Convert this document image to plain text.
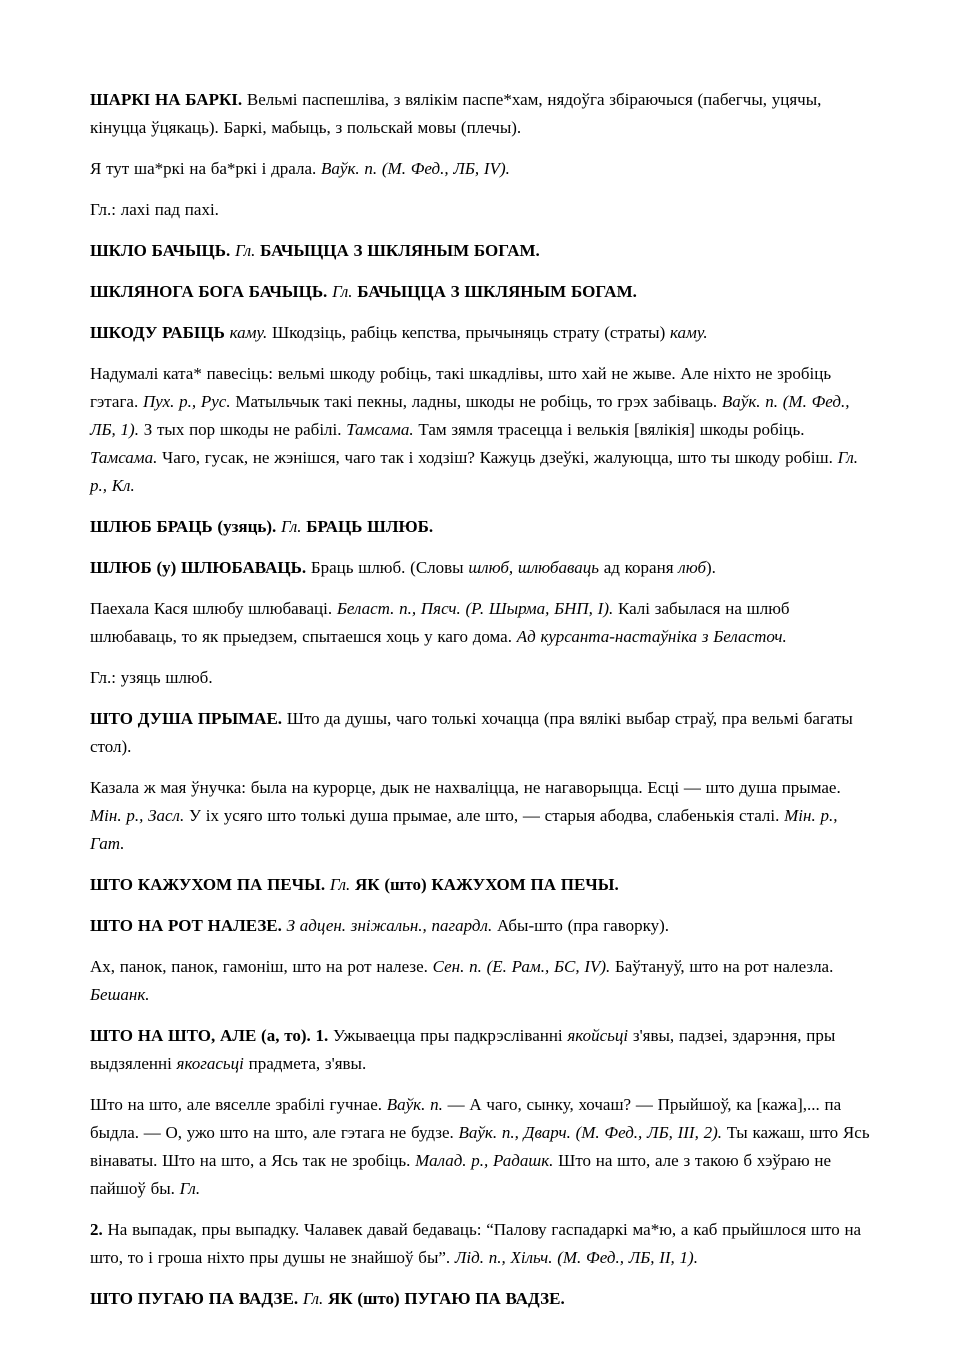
ШАРКІ НА БАРКІ. Вельмі паспешліва, з вялікім паспе*хам, нядоўга збіраючыся (пабегчы, уцячы, кінуцца ўцякаць). Баркі, мабыць, з польскай мовы (плечы).

Я тут ша*ркі на ба*ркі і драла. Ваўк. п. (М. Фед., ЛБ, IV).

Гл.: лахі пад пахі.

ШКЛО БАЧЫЦЬ. Гл. БАЧЫЦЦА З ШКЛЯНЫМ БОГАМ.

ШКЛЯНОГА БОГА БАЧЫЦЬ. Гл. БАЧЫЦЦА З ШКЛЯНЫМ БОГАМ.

ШКОДУ РАБІЦЬ каму. Шкодзіць, рабіць кепства, прычыняць страту (страты) каму.

Надумалі ката* павесіць: вельмі шкоду робіць, такі шкадлівы, што хай не жыве. Але ніхто не зробіць гэтага. Пух. р., Рус. Матыльчык такі пекны, ладны, шкоды не робіць, то грэх забіваць. Ваўк. п. (М. Фед., ЛБ, 1). З тых пор шкоды не рабілі. Тамсама. Там зямля трасецца і велькія [вялікія] шкоды робіць. Тамсама. Чаго, гусак, не жэнішся, чаго так і ходзіш? Кажуць дзеўкі, жалуюцца, што ты шкоду робіш. Гл. р., Кл.

ШЛЮБ БРАЦЬ (узяць). Гл. БРАЦЬ ШЛЮБ.

ШЛЮБ (у) ШЛЮБАВАЦЬ. Браць шлюб. (Словы шлюб, шлюбаваць ад кораня люб).

Паехала Кася шлюбу шлюбаваці. Беласт. п., Пясч. (Р. Шырма, БНП, I). Калі забылася на шлюб шлюбаваць, то як прыедзем, спытаешся хоць у каго дома. Ад курсанта-настаўніка з Беласточ.

Гл.: узяць шлюб.

ШТО ДУША ПРЫМАЕ. Што да душы, чаго толькі хочацца (пра вялікі выбар страў, пра вельмі багаты стол).

Казала ж мая ўнучка: была на курорце, дык не нахваліцца, не нагаворыцца. Есці — што душа прымае. Мін. р., Засл. У іх усяго што толькі душа прымае, але што, — старыя абодва, слабенькія сталі. Мін. р., Гат.

ШТО КАЖУХОМ ПА ПЕЧЫ. Гл. ЯК (што) КАЖУХОМ ПА ПЕЧЫ.

ШТО НА РОТ НАЛЕЗЕ. З адцен. зніжальн., пагардл. Абы-што (пра гаворку).

Ах, панок, панок, гамоніш, што на рот налезе. Сен. п. (Е. Рам., БС, IV). Баўтануў, што на рот налезла. Бешанк.

ШТО НА ШТО, АЛЕ (а, то). 1. Ужываецца пры падкрэсліванні якойсьці з'явы, падзеі, здарэння, пры выдзяленні якогасьці прадмета, з'явы.

Што на што, але вяселле зрабілі гучнае. Ваўк. п. — А чаго, сынку, хочаш? — Прыйшоў, ка [кажа],... па быдла. — О, ужо што на што, але гэтага не будзе. Ваўк. п., Дварч. (М. Фед., ЛБ, III, 2). Ты кажаш, што Ясь вінаваты. Што на што, а Ясь так не зробіць. Малад. р., Радашк. Што на што, але з такою б хэўраю не пайшоў бы. Гл.

2. На выпадак, пры выпадку. Чалавек давай бедаваць: “Палову гаспадаркі ма*ю, а каб прыйшлося што на што, то і гроша ніхто пры душы не знайшоў бы”. Лід. п., Хільч. (М. Фед., ЛБ, II, 1).

ШТО ПУГАЮ ПА ВАДЗЕ. Гл. ЯК (што) ПУГАЮ ПА ВАДЗЕ.
